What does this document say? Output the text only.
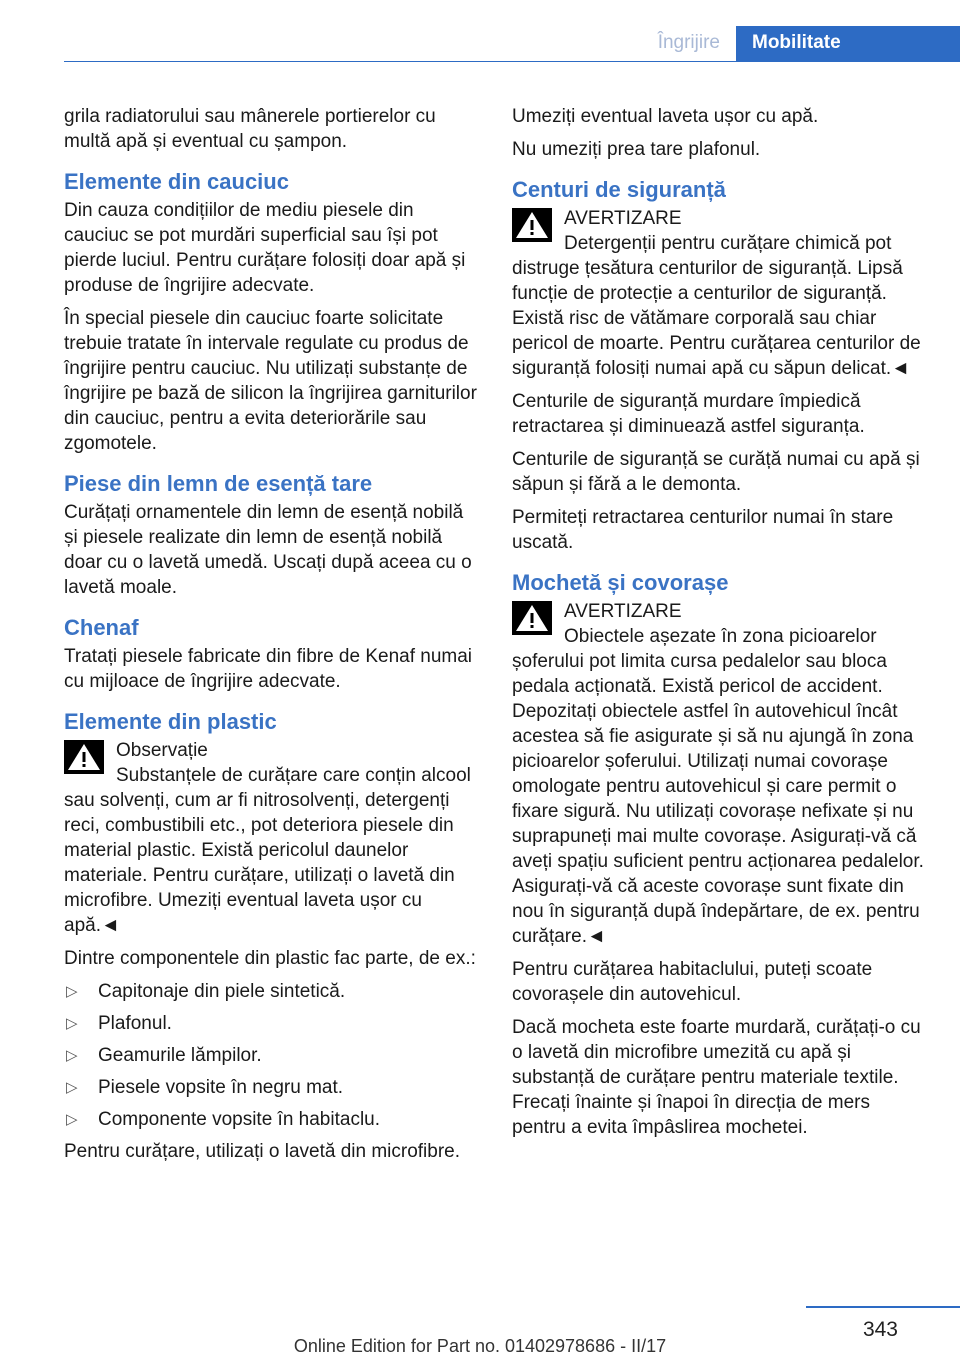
Îngrijire	Mobilitate

grila radiatorului sau mânerele portierelor cu multă apă și eventual cu șampon.

Elemente din cauciuc

Din cauza condițiilor de mediu piesele din cauciuc se pot murdări superficial sau își pot pierde luciul. Pentru curățare folosiți doar apă și produse de îngrijire adecvate.

În special piesele din cauciuc foarte solicitate trebuie tratate în intervale regulate cu produs de îngrijire pentru cauciuc. Nu utilizați substanțe de îngrijire pe bază de silicon la îngrijirea garniturilor din cauciuc, pentru a evita deteriorările sau zgomotele.

Piese din lemn de esență tare

Curățați ornamentele din lemn de esență nobilă și piesele realizate din lemn de esență nobilă doar cu o lavetă umedă. Uscați după aceea cu o lavetă moale.

Chenaf

Tratați piesele fabricate din fibre de Kenaf numai cu mijloace de îngrijire adecvate.

Elemente din plastic
Observație
Substanțele de curățare care conțin alcool sau solvenți, cum ar fi nitrosolvenți, detergenți reci, combustibili etc., pot deteriora piesele din material plastic. Există pericolul daunelor materiale. Pentru curățare, utilizați o lavetă din microfibre. Umeziți eventual laveta ușor cu apă.◄

Dintre componentele din plastic fac parte, de ex.:

▷ Capitonaje din piele sintetică.
▷ Plafonul.
▷ Geamurile lămpilor.
▷ Piesele vopsite în negru mat.
▷ Componente vopsite în habitaclu.

Pentru curățare, utilizați o lavetă din microfibre.

Umeziți eventual laveta ușor cu apă.

Nu umeziți prea tare plafonul.

Centuri de siguranță
AVERTIZARE
Detergenții pentru curățare chimică pot distruge țesătura centurilor de siguranță. Lipsă funcție de protecție a centurilor de siguranță. Există risc de vătămare corporală sau chiar pericol de moarte. Pentru curățarea centurilor de siguranță folosiți numai apă cu săpun delicat.◄

Centurile de siguranță murdare împiedică retractarea și diminuează astfel siguranța.

Centurile de siguranță se curăță numai cu apă și săpun și fără a le demonta.

Permiteți retractarea centurilor numai în stare uscată.

Mochetă și covorașe
AVERTIZARE
Obiectele așezate în zona picioarelor șoferului pot limita cursa pedalelor sau bloca pedala acționată. Există pericol de accident. Depozitați obiectele astfel în autovehicul încât acestea să fie asigurate și să nu ajungă în zona picioarelor șoferului. Utilizați numai covorașe omologate pentru autovehicul și care permit o fixare sigură. Nu utilizați covorașe nefixate și nu suprapuneți mai multe covorașe. Asigurați-vă că aveți spațiu suficient pentru acționarea pedalelor. Asigurați-vă că aceste covorașe sunt fixate din nou în siguranță după îndepărtare, de ex. pentru curățare.◄

Pentru curățarea habitaclului, puteți scoate covorașele din autovehicul.

Dacă mocheta este foarte murdară, curățați-o cu o lavetă din microfibre umezită cu apă și substanță de curățare pentru materiale textile. Frecați înainte și înapoi în direcția de mers pentru a evita împâslirea mochetei.

343
Online Edition for Part no. 01402978686 - II/17
